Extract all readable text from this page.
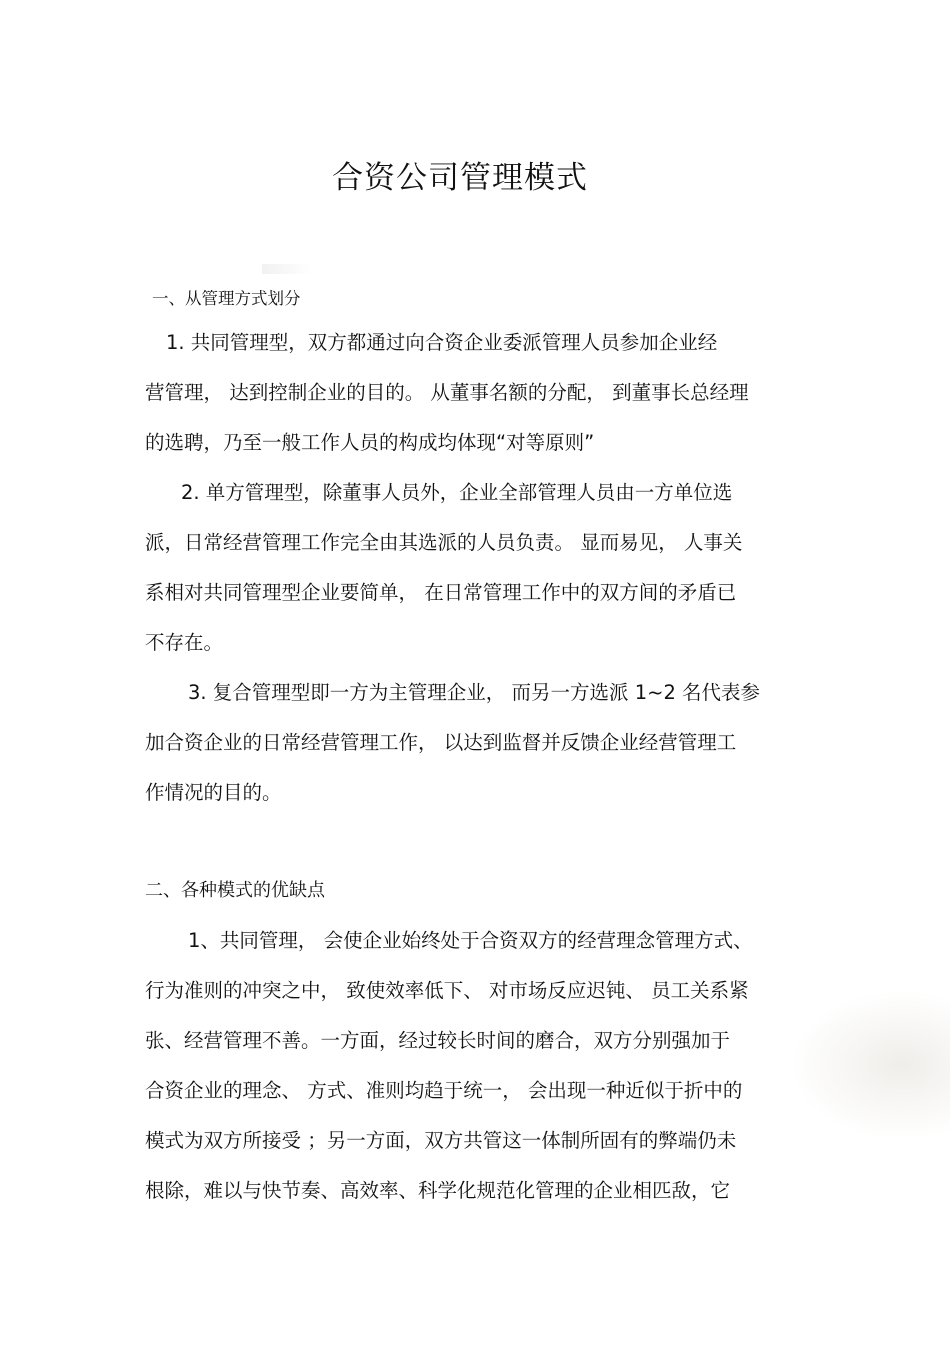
合资公司管理模式
一、从管理方式划分
1. 共同管理型，双方都通过向合资企业委派管理人员参加企业经
营管理， 达到控制企业的目的。 从董事名额的分配， 到董事长总经理
的选聘，乃至一般工作人员的构成均体现“对等原则”
2. 单方管理型，除董事人员外，企业全部管理人员由一方单位选
派，日常经营管理工作完全由其选派的人员负责。 显而易见， 人事关
系相对共同管理型企业要简单， 在日常管理工作中的双方间的矛盾已
不存在。
3. 复合管理型即一方为主管理企业， 而另一方选派 1~2 名代表参
加合资企业的日常经营管理工作， 以达到监督并反馈企业经营管理工
作情况的目的。
二、各种模式的优缺点
1、共同管理， 会使企业始终处于合资双方的经营理念管理方式、
行为准则的冲突之中， 致使效率低下、 对市场反应迟钝、 员工关系紧
张、经营管理不善。一方面，经过较长时间的磨合，双方分别强加于
合资企业的理念、 方式、准则均趋于统一， 会出现一种近似于折中的
模式为双方所接受 ；另一方面，双方共管这一体制所固有的弊端仍未
根除，难以与快节奏、高效率、科学化规范化管理的企业相匹敌，它
